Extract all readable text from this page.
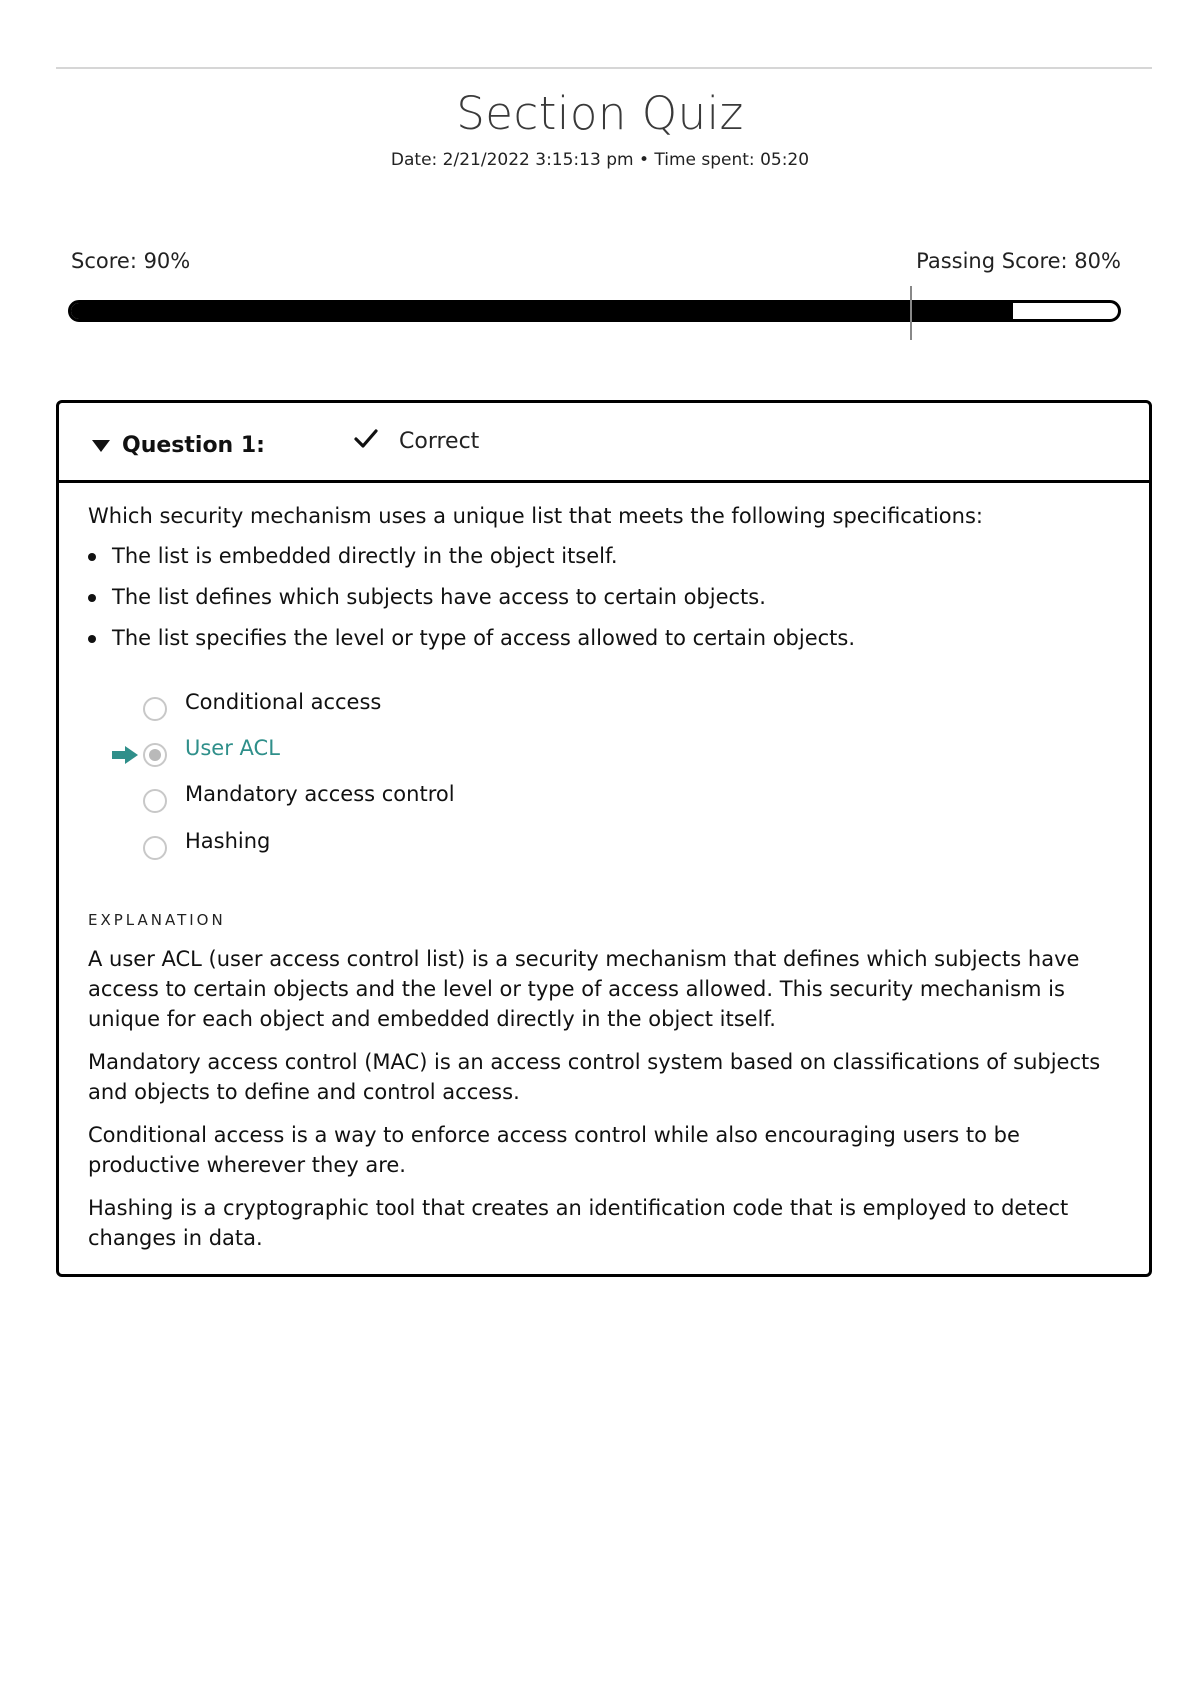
Section Quiz
Date: 2/21/2022 3:15:13 pm • Time spent: 05:20
Score: 90%	Passing Score: 80%
Question 1:	Correct

Which security mechanism uses a unique list that meets the following specifications:

The list is embedded directly in the object itself.
The list defines which subjects have access to certain objects.
The list specifies the level or type of access allowed to certain objects.
Conditional access
User ACL
Mandatory access control
Hashing
EXPLANATION

A user ACL (user access control list) is a security mechanism that defines which subjects have access to certain objects and the level or type of access allowed. This security mechanism is unique for each object and embedded directly in the object itself.

Mandatory access control (MAC) is an access control system based on classifications of subjects and objects to define and control access.

Conditional access is a way to enforce access control while also encouraging users to be productive wherever they are.

Hashing is a cryptographic tool that creates an identification code that is employed to detect changes in data.
